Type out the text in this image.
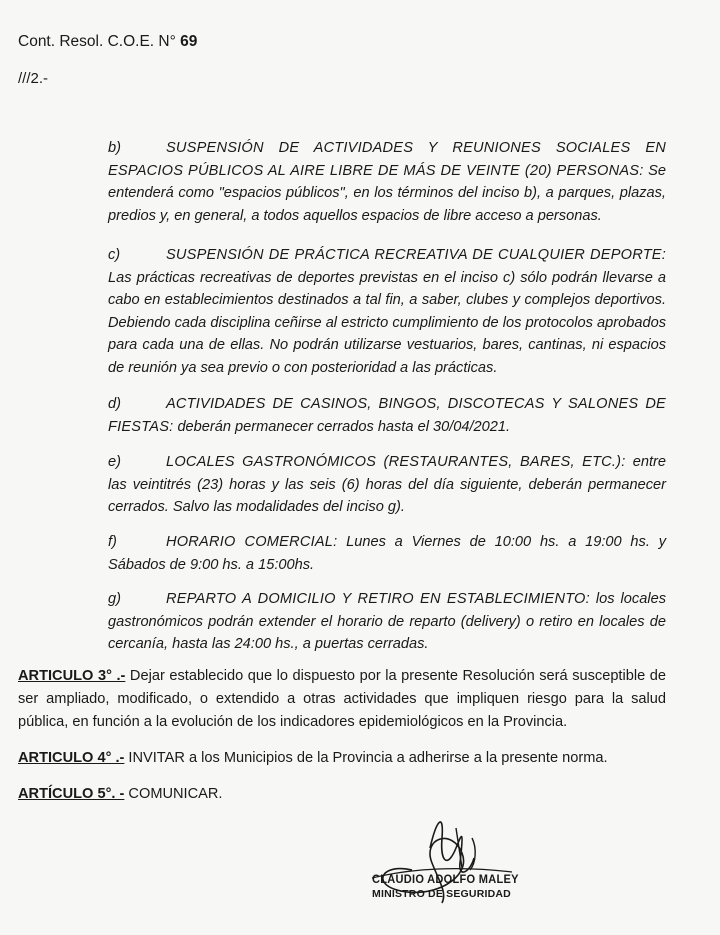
Cont. Resol. C.O.E. N° 69
///2.-
b)	SUSPENSIÓN DE ACTIVIDADES Y REUNIONES SOCIALES EN ESPACIOS PÚBLICOS AL AIRE LIBRE DE MÁS DE VEINTE (20) PERSONAS: Se entenderá como "espacios públicos", en los términos del inciso b), a parques, plazas, predios y, en general, a todos aquellos espacios de libre acceso a personas.
c)	SUSPENSIÓN DE PRÁCTICA RECREATIVA DE CUALQUIER DEPORTE: Las prácticas recreativas de deportes previstas en el inciso c) sólo podrán llevarse a cabo en establecimientos destinados a tal fin, a saber, clubes y complejos deportivos. Debiendo cada disciplina ceñirse al estricto cumplimiento de los protocolos aprobados para cada una de ellas. No podrán utilizarse vestuarios, bares, cantinas, ni espacios de reunión ya sea previo o con posterioridad a las prácticas.
d)	ACTIVIDADES DE CASINOS, BINGOS, DISCOTECAS Y SALONES DE FIESTAS: deberán permanecer cerrados hasta el 30/04/2021.
e)	LOCALES GASTRONÓMICOS (RESTAURANTES, BARES, ETC.): entre las veintitrés (23) horas y las seis (6) horas del día siguiente, deberán permanecer cerrados. Salvo las modalidades del inciso g).
f)	HORARIO COMERCIAL: Lunes a Viernes de 10:00 hs. a 19:00 hs. y Sábados de 9:00 hs. a 15:00hs.
g)	REPARTO A DOMICILIO Y RETIRO EN ESTABLECIMIENTO: los locales gastronómicos podrán extender el horario de reparto (delivery) o retiro en locales de cercanía, hasta las 24:00 hs., a puertas cerradas.
ARTICULO 3° .- Dejar establecido que lo dispuesto por la presente Resolución será susceptible de ser ampliado, modificado, o extendido a otras actividades que impliquen riesgo para la salud pública, en función a la evolución de los indicadores epidemiológicos en la Provincia.
ARTICULO 4° .- INVITAR a los Municipios de la Provincia a adherirse a la presente norma.
ARTÍCULO 5°. - COMUNICAR.
CLAUDIO ADOLFO MALEY
MINISTRO DE SEGURIDAD
